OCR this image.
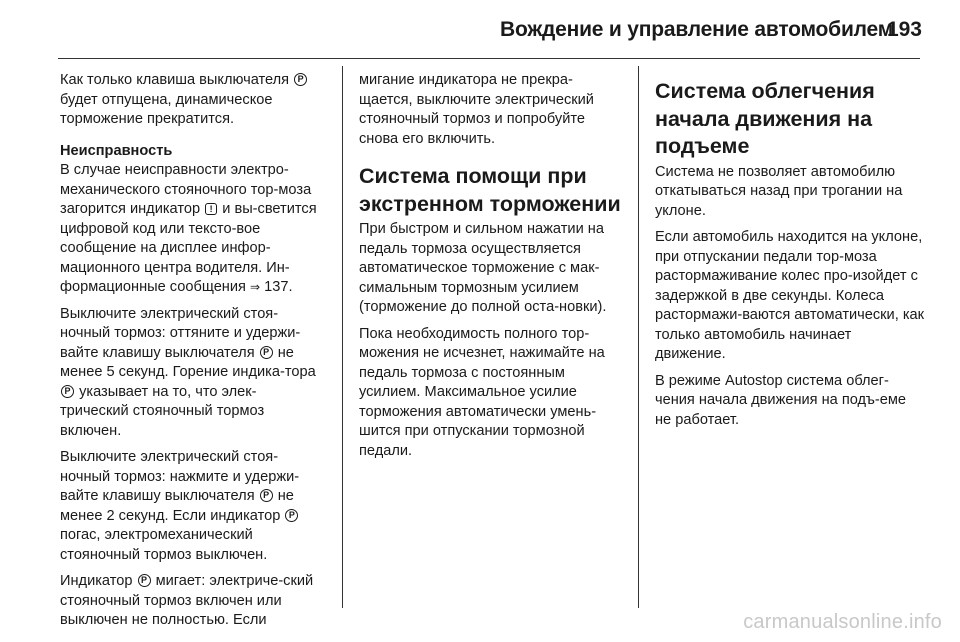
Вождение и управление автомобилем
193

Как только клавиша выключателя P будет отпущена, динамическое торможение прекратится.

Неисправность

В случае неисправности электро-механического стояночного тор-моза загорится индикатор ! и вы-светится цифровой код или тексто-вое сообщение на дисплее инфор-мационного центра водителя. Ин-формационные сообщения ⇒ 137.

Выключите электрический стоя-ночный тормоз: оттяните и удержи-вайте клавишу выключателя P не менее 5 секунд. Горение индика-тора P указывает на то, что элек-трический стояночный тормоз включен.

Выключите электрический стоя-ночный тормоз: нажмите и удержи-вайте клавишу выключателя P не менее 2 секунд. Если индикатор P погас, электромеханический стояночный тормоз выключен.

Индикатор P мигает: электриче-ский стояночный тормоз включен или выключен не полностью. Если

мигание индикатора не прекра-щается, выключите электрический стояночный тормоз и попробуйте снова его включить.

Система помощи при экстренном торможении

При быстром и сильном нажатии на педаль тормоза осуществляется автоматическое торможение с мак-симальным тормозным усилием (торможение до полной оста-новки).

Пока необходимость полного тор-можения не исчезнет, нажимайте на педаль тормоза с постоянным усилием. Максимальное усилие торможения автоматически умень-шится при отпускании тормозной педали.

Система облегчения начала движения на подъеме

Система не позволяет автомобилю откатываться назад при трогании на уклоне.

Если автомобиль находится на уклоне, при отпускании педали тор-моза растормаживание колес про-изойдет с задержкой в две секунды. Колеса растормажи-ваются автоматически, как только автомобиль начинает движение.

В режиме Autostop система облег-чения начала движения на подъ-еме не работает.

carmanualsonline.info
